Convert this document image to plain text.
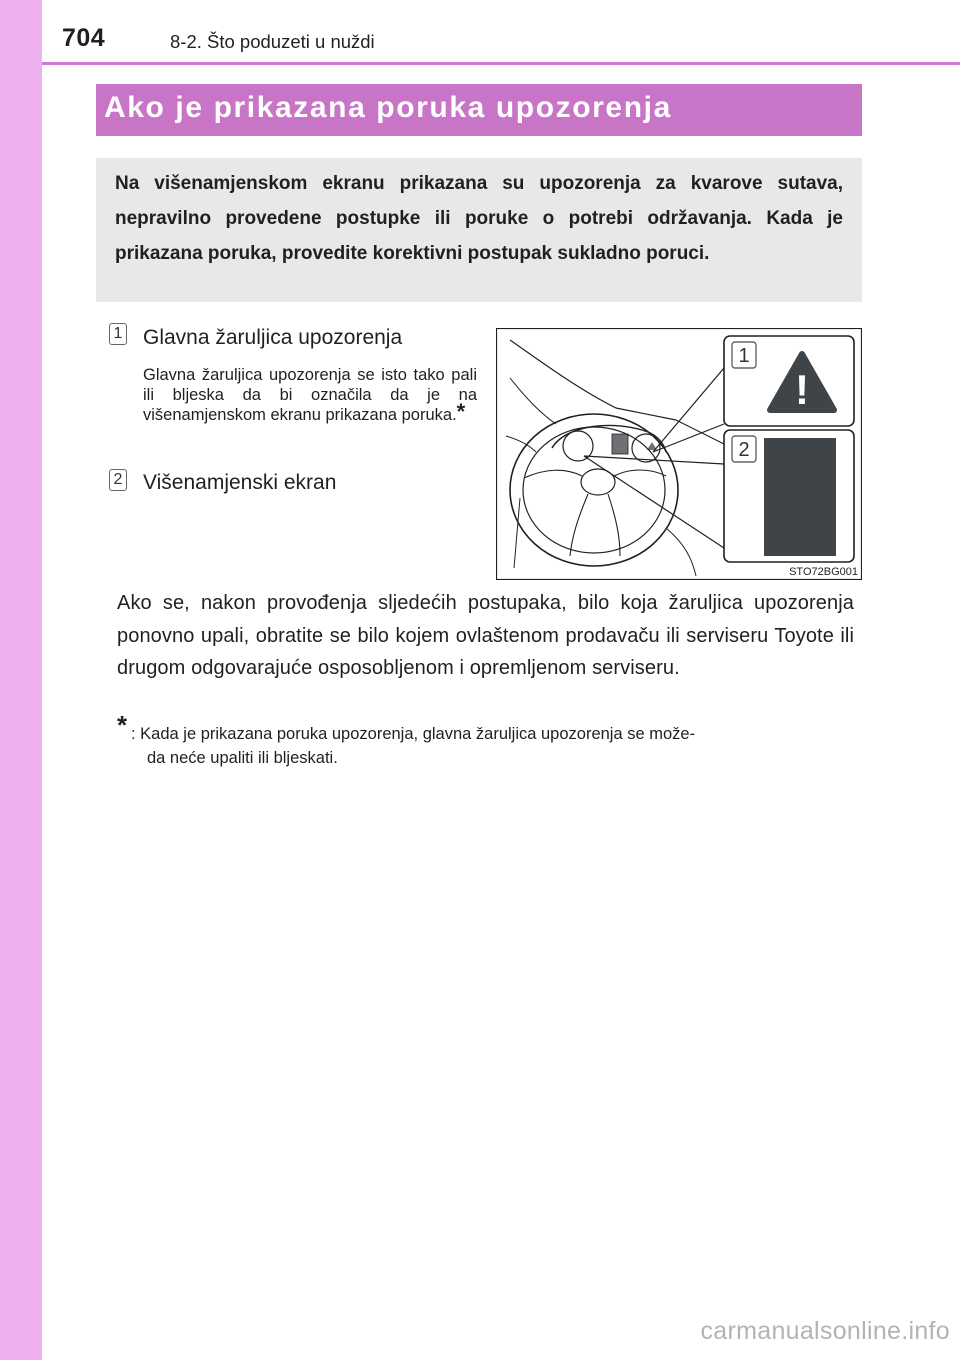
704	8-2. Što poduzeti u nuždi
Ako je prikazana poruka upozorenja
Na višenamjenskom ekranu prikazana su upozorenja za kvarove sutava, nepravilno provedene postupke ili poruke o potrebi održavanja. Kada je prikazana poruka, provedite korektivni postupak sukladno poruci.
1 Glavna žaruljica upozorenja
Glavna žaruljica upozorenja se isto tako pali ili bljeska da bi označila da je na višenamjenskom ekranu prikazana poruka.*
2 Višenamjenski ekran
1
!
2
STO72BG001
Ako se, nakon provođenja sljedećih postupaka, bilo koja žaruljica upozorenja ponovno upali, obratite se bilo kojem ovlaštenom prodavaču ili serviseru Toyote ili drugom odgovarajuće osposobljenom i opremljenom serviseru.
* : Kada je prikazana poruka upozorenja, glavna žaruljica upozorenja se može-
da neće upaliti ili bljeskati.
carmanualsonline.info
